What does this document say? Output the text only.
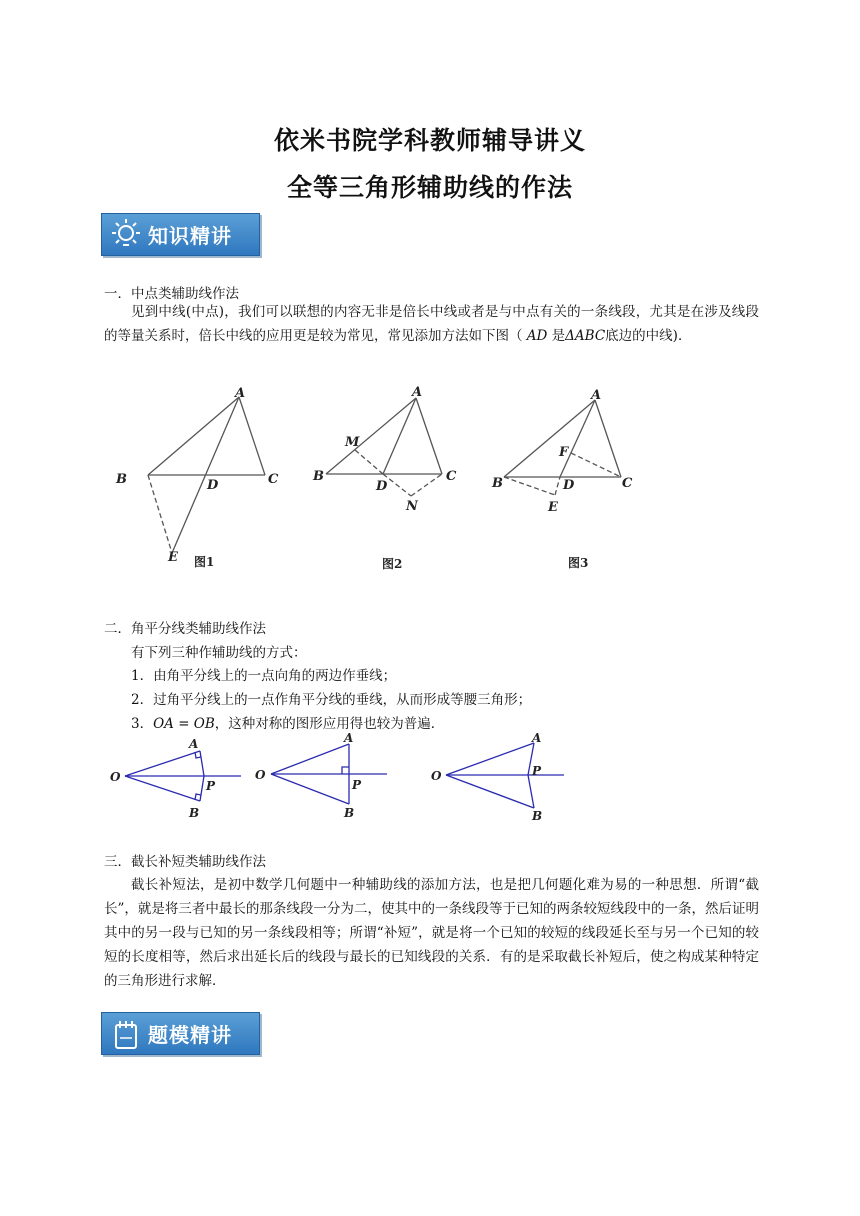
依米书院学科教师辅导讲义
全等三角形辅助线的作法
知识精讲
一．中点类辅助线作法
见到中线(中点)，我们可以联想的内容无非是倍长中线或者是与中点有关的一条线段，尤其是在涉及线段的等量关系时，倍长中线的应用更是较为常见，常见添加方法如下图（ AD 是ΔABC底边的中线)．
A
B	C
D
E 图1
A
B	C
D
M
N
图2
A
B	C
D
E
F
图3
二．角平分线类辅助线作法
有下列三种作辅助线的方式：
1．由角平分线上的一点向角的两边作垂线；
2．过角平分线上的一点作角平分线的垂线，从而形成等腰三角形；
3．OA = OB，这种对称的图形应用得也较为普遍．
O
A
P
B
O
A
P
B
O
A
P
B
三．截长补短类辅助线作法
截长补短法，是初中数学几何题中一种辅助线的添加方法，也是把几何题化难为易的一种思想．所谓“截长”，就是将三者中最长的那条线段一分为二，使其中的一条线段等于已知的两条较短线段中的一条，然后证明其中的另一段与已知的另一条线段相等；所谓“补短”，就是将一个已知的较短的线段延长至与另一个已知的较短的长度相等，然后求出延长后的线段与最长的已知线段的关系．有的是采取截长补短后，使之构成某种特定的三角形进行求解．
题模精讲
